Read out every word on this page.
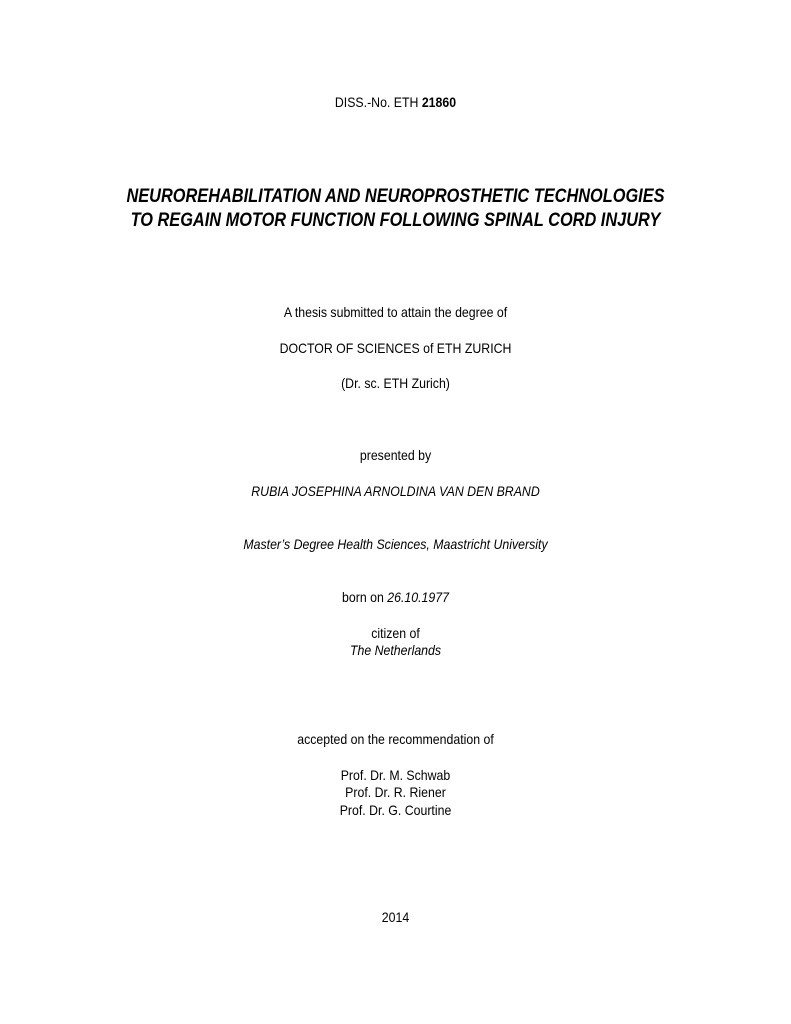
DISS.-No. ETH 21860
NEUROREHABILITATION AND NEUROPROSTHETIC TECHNOLOGIES
TO REGAIN MOTOR FUNCTION FOLLOWING SPINAL CORD INJURY
A thesis submitted to attain the degree of
DOCTOR OF SCIENCES of ETH ZURICH
(Dr. sc. ETH Zurich)
presented by
RUBIA JOSEPHINA ARNOLDINA VAN DEN BRAND
Master’s Degree Health Sciences, Maastricht University
born on 26.10.1977
citizen of
The Netherlands
accepted on the recommendation of
Prof. Dr. M. Schwab
Prof. Dr. R. Riener
Prof. Dr. G. Courtine
2014
